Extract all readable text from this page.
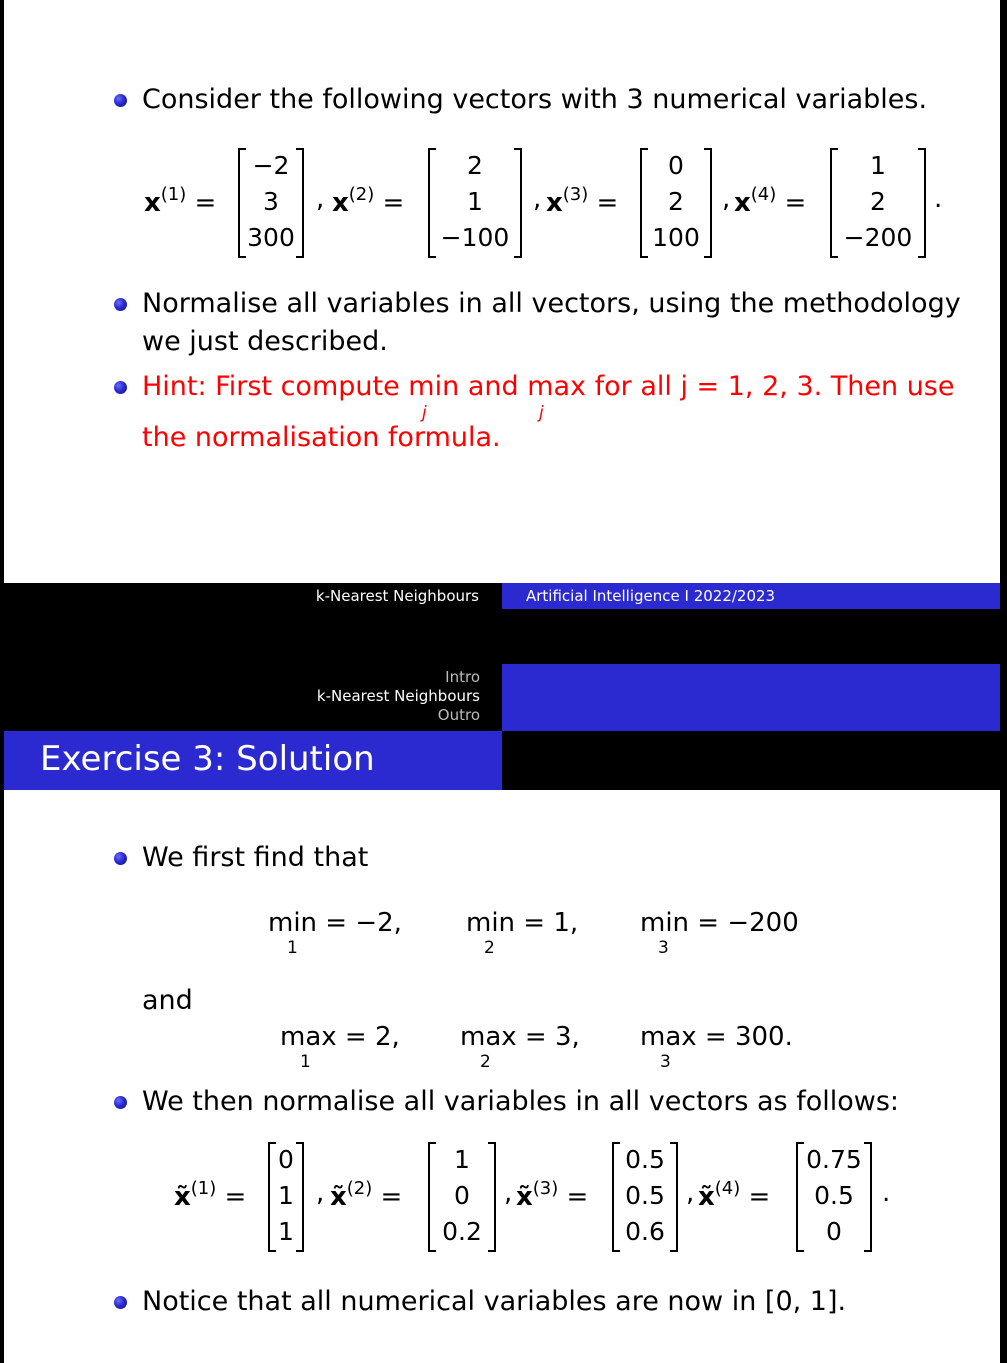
Consider the following vectors with 3 numerical variables.
$x^{(1)}$ =
−2
3
300
, $x^{(2)}$ =
2
1
−100
, $x^{(3)}$ =
0
2
100
, $x^{(4)}$ =
1
2
−200
.
Normalise all variables in all vectors, using the methodology
we just described.
Hint: First compute min and max for all j = 1, 2, 3. Then use
j	j
the normalisation formula.
k-Nearest Neighbours	Artificial Intelligence I 2022/2023
Intro
k-Nearest Neighbours
Outro
Exercise 3: Solution
We first find that
min = −2,
1
min = 1,
2
min = −200
3
and
max = 2,
1
max = 3,
2
max = 300.
3
We then normalise all variables in all vectors as follows:
x̃$^{(1)}$ =
0
1
1
, x̃$^{(2)}$ =
1
0
0.2
, x̃$^{(3)}$ =
0.5
0.5
0.6
, x̃$^{(4)}$ =
0.75
0.5
0
.
Notice that all numerical variables are now in [0, 1].
